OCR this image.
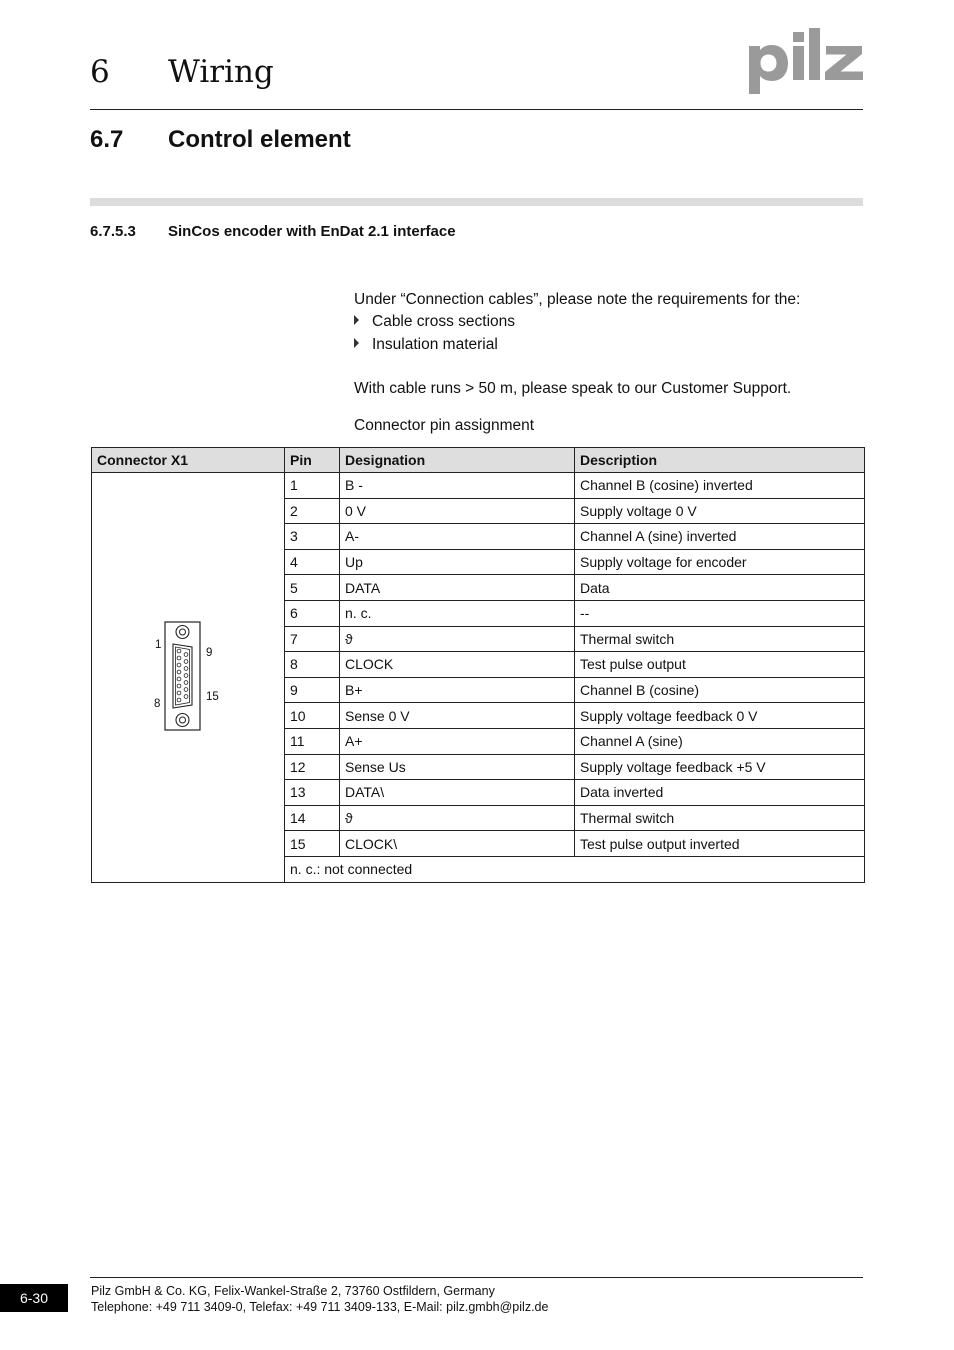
6 Wiring
6.7 Control element
6.7.5.3 SinCos encoder with EnDat 2.1 interface
Under “Connection cables”, please note the requirements for the:
Cable cross sections
Insulation material
With cable runs > 50 m, please speak to our Customer Support.
Connector pin assignment
Connector X1	Pin	Designation	Description

1
8
9
15	1	B -	Channel B (cosine) inverted
	2	0 V	Supply voltage 0 V
	3	A-	Channel A (sine) inverted
	4	Up	Supply voltage for encoder
	5	DATA	Data
	6	n. c.	--
	7	ϑ	Thermal switch
	8	CLOCK	Test pulse output
	9	B+	Channel B (cosine)
	10	Sense 0 V	Supply voltage feedback 0 V
	11	A+	Channel A (sine)
	12	Sense Us	Supply voltage feedback +5 V
	13	DATA\	Data inverted
	14	ϑ	Thermal switch
	15	CLOCK\	Test pulse output inverted
	n. c.: not connected		
6-30	Pilz GmbH & Co. KG, Felix-Wankel-Straße 2, 73760 Ostfildern, Germany
Telephone: +49 711 3409-0, Telefax: +49 711 3409-133, E-Mail: pilz.gmbh@pilz.de
